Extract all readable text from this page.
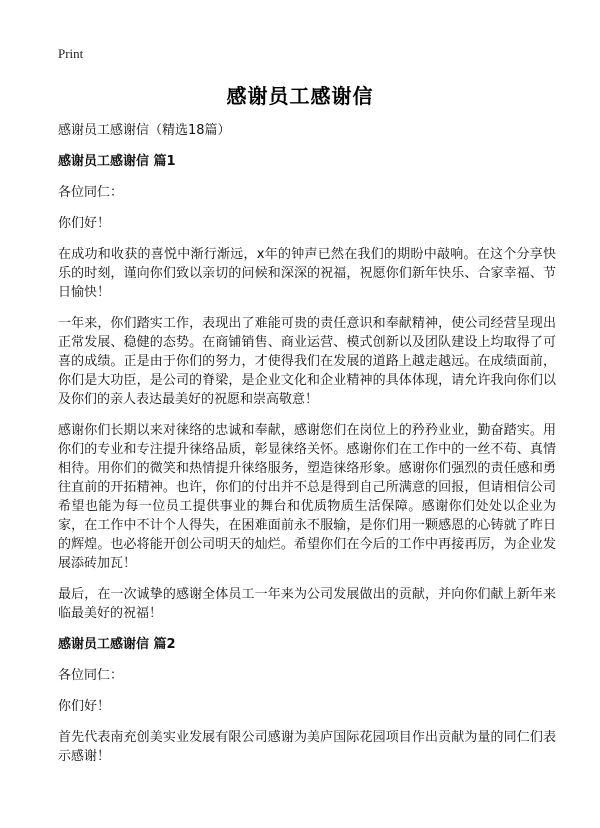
Print
感谢员工感谢信

感谢员工感谢信（精选18篇）

感谢员工感谢信 篇1

各位同仁：

你们好！

在成功和收获的喜悦中渐行渐远，x年的钟声已然在我们的期盼中敲响。在这个分享快乐的时刻，谨向你们致以亲切的问候和深深的祝福，祝愿你们新年快乐、合家幸福、节日愉快！

一年来，你们踏实工作，表现出了难能可贵的责任意识和奉献精神，使公司经营呈现出正常发展、稳健的态势。在商铺销售、商业运营、模式创新以及团队建设上均取得了可喜的成绩。正是由于你们的努力，才使得我们在发展的道路上越走越远。在成绩面前，你们是大功臣，是公司的脊梁，是企业文化和企业精神的具体体现，请允许我向你们以及你们的亲人表达最美好的祝愿和崇高敬意！

感谢你们长期以来对徕络的忠诚和奉献，感谢您们在岗位上的矜矜业业，勤奋踏实。用你们的专业和专注提升徕络品质，彰显徕络关怀。感谢你们在工作中的一丝不苟、真情相待。用你们的微笑和热情提升徕络服务，塑造徕络形象。感谢你们强烈的责任感和勇往直前的开拓精神。也许，你们的付出并不总是得到自己所满意的回报，但请相信公司希望也能为每一位员工提供事业的舞台和优质物质生活保障。感谢你们处处以企业为家，在工作中不计个人得失，在困难面前永不服输，是你们用一颗感恩的心铸就了昨日的辉煌。也必将能开创公司明天的灿烂。希望你们在今后的工作中再接再厉，为企业发展添砖加瓦！

最后，在一次诚挚的感谢全体员工一年来为公司发展做出的贡献，并向你们献上新年来临最美好的祝福！

感谢员工感谢信 篇2

各位同仁：

你们好！

首先代表南充创美实业发展有限公司感谢为美庐国际花园项目作出贡献为量的同仁们表示感谢！
